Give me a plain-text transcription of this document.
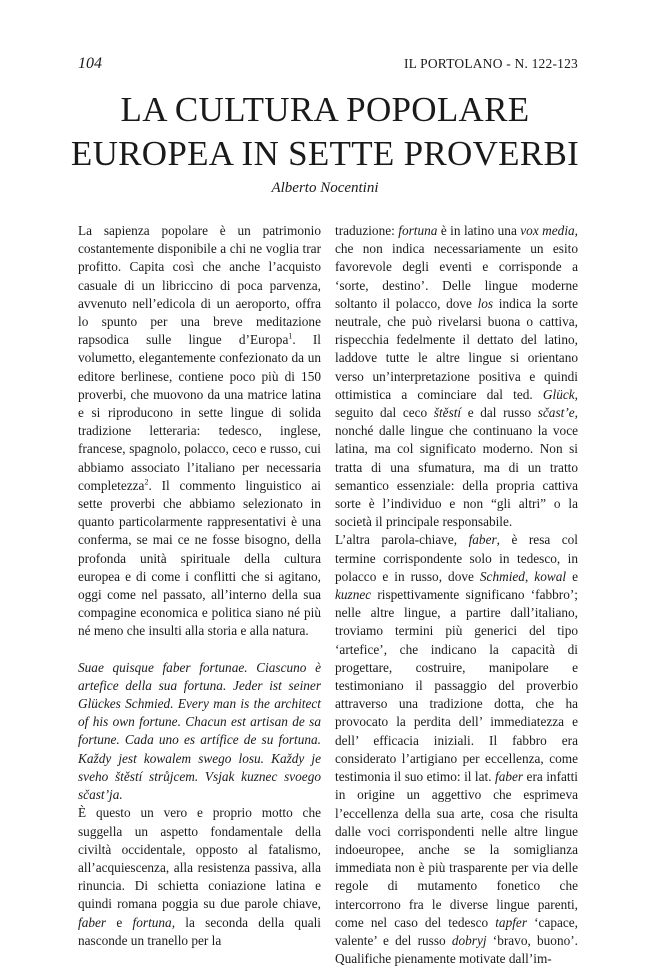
104	IL PORTOLANO - N. 122-123
LA CULTURA POPOLARE
EUROPEA IN SETTE PROVERBI
Alberto Nocentini

La sapienza popolare è un patrimonio costantemente disponibile a chi ne voglia trar profitto. Capita così che anche l’acquisto casuale di un libriccino di poca parvenza, avvenuto nell’edicola di un aeroporto, offra lo spunto per una breve meditazione rapsodica sulle lingue d’Europa$^1$. Il volumetto, elegantemente confezionato da un editore berlinese, contiene poco più di 150 proverbi, che muovono da una matrice latina e si riproducono in sette lingue di solida tradizione letteraria: tedesco, inglese, francese, spagnolo, polacco, ceco e russo, cui abbiamo associato l’italiano per necessaria completezza$^2$. Il commento linguistico ai sette proverbi che abbiamo selezionato in quanto particolarmente rappresentativi è una conferma, se mai ce ne fosse bisogno, della profonda unità spirituale della cultura europea e di come i conflitti che si agitano, oggi come nel passato, all’interno della sua compagine economica e politica siano né più né meno che insulti alla storia e alla natura.

Suae quisque faber fortunae. Ciascuno è artefice della sua fortuna. Jeder ist seiner Glückes Schmied. Every man is the architect of his own fortune. Chacun est artisan de sa fortune. Cada uno es artífice de su fortuna. Každy jest kowalem swego losu. Každy je sveho štěstí strůjcem. Vsjak kuznec svoego sčast’ja.

È questo un vero e proprio motto che suggella un aspetto fondamentale della civiltà occidentale, opposto al fatalismo, all’acquiescenza, alla resistenza passiva, alla rinuncia. Di schietta coniazione latina e quindi romana poggia su due parole chiave, faber e fortuna, la seconda della quali nasconde un tranello per la

traduzione: fortuna è in latino una vox media, che non indica necessariamente un esito favorevole degli eventi e corrisponde a ‘sorte, destino’. Delle lingue moderne soltanto il polacco, dove los indica la sorte neutrale, che può rivelarsi buona o cattiva, rispecchia fedelmente il dettato del latino, laddove tutte le altre lingue si orientano verso un’interpretazione positiva e quindi ottimistica a cominciare dal ted. Glück, seguito dal ceco štěstí e dal russo sčast’e, nonché dalle lingue che continuano la voce latina, ma col significato moderno. Non si tratta di una sfumatura, ma di un tratto semantico essenziale: della propria cattiva sorte è l’individuo e non “gli altri” o la società il principale responsabile.

L’altra parola-chiave, faber, è resa col termine corrispondente solo in tedesco, in polacco e in russo, dove Schmied, kowal e kuznec rispettivamente significano ‘fabbro’; nelle altre lingue, a partire dall’italiano, troviamo termini più generici del tipo ‘artefice’, che indicano la capacità di progettare, costruire, manipolare e testimoniano il passaggio del proverbio attraverso una tradizione dotta, che ha provocato la perdita dell’ immediatezza e dell’ efficacia iniziali. Il fabbro era considerato l’artigiano per eccellenza, come testimonia il suo etimo: il lat. faber era infatti in origine un aggettivo che esprimeva l’eccellenza della sua arte, cosa che risulta dalle voci corrispondenti nelle altre lingue indoeuropee, anche se la somiglianza immediata non è più trasparente per via delle regole di mutamento fonetico che intercorrono fra le diverse lingue parenti, come nel caso del tedesco tapfer ‘capace, valente’ e del russo dobryj ‘bravo, buono’. Qualifiche pienamente motivate dall’im-
